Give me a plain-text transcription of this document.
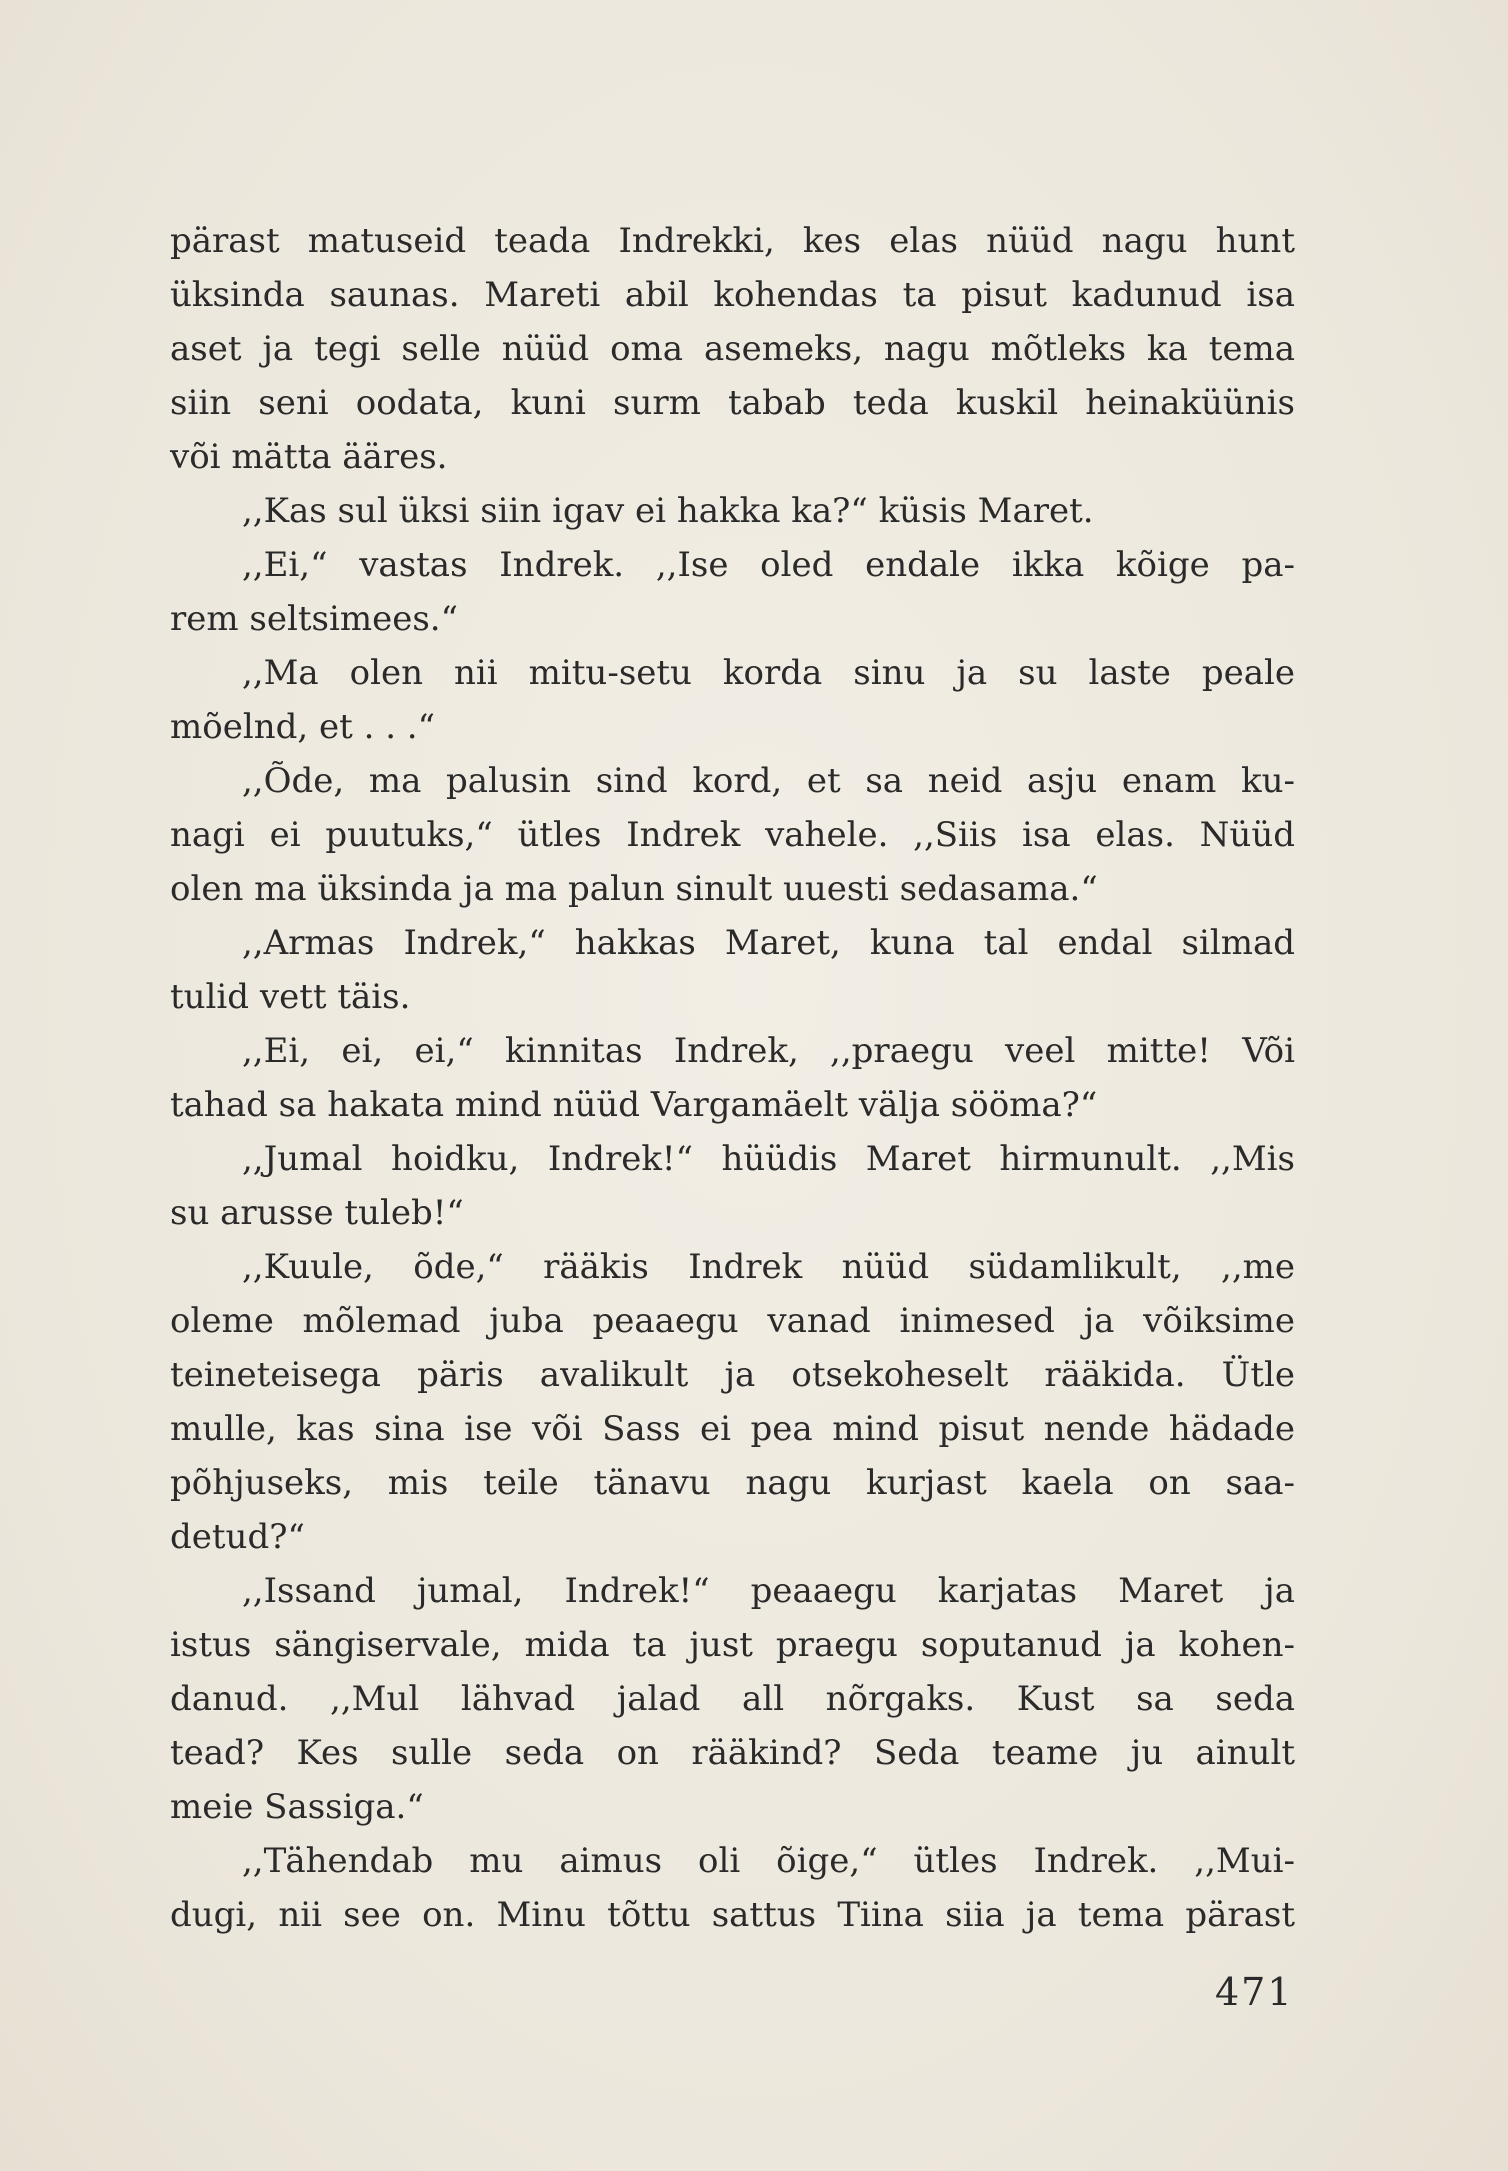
pärast matuseid teada Indrekki, kes elas nüüd nagu hunt
üksinda saunas. Mareti abil kohendas ta pisut kadunud isa
aset ja tegi selle nüüd oma asemeks, nagu mõtleks ka tema
siin seni oodata, kuni surm tabab teda kuskil heinaküünis
või mätta ääres.
,,Kas sul üksi siin igav ei hakka ka?“ küsis Maret.
,,Ei,“ vastas Indrek. ,,Ise oled endale ikka kõige pa-
rem seltsimees.“
,,Ma olen nii mitu-setu korda sinu ja su laste peale
mõelnd, et . . .“
,,Õde, ma palusin sind kord, et sa neid asju enam ku-
nagi ei puutuks,“ ütles Indrek vahele. ,,Siis isa elas. Nüüd
olen ma üksinda ja ma palun sinult uuesti sedasama.“
,,Armas Indrek,“ hakkas Maret, kuna tal endal silmad
tulid vett täis.
,,Ei, ei, ei,“ kinnitas Indrek, ,,praegu veel mitte! Või
tahad sa hakata mind nüüd Vargamäelt välja sööma?“
,,Jumal hoidku, Indrek!“ hüüdis Maret hirmunult. ,,Mis
su arusse tuleb!“
,,Kuule, õde,“ rääkis Indrek nüüd südamlikult, ,,me
oleme mõlemad juba peaaegu vanad inimesed ja võiksime
teineteisega päris avalikult ja otsekoheselt rääkida. Ütle
mulle, kas sina ise või Sass ei pea mind pisut nende hädade
põhjuseks, mis teile tänavu nagu kurjast kaela on saa-
detud?“
,,Issand jumal, Indrek!“ peaaegu karjatas Maret ja
istus sängiservale, mida ta just praegu soputanud ja kohen-
danud. ,,Mul lähvad jalad all nõrgaks. Kust sa seda
tead? Kes sulle seda on rääkind? Seda teame ju ainult
meie Sassiga.“
,,Tähendab mu aimus oli õige,“ ütles Indrek. ,,Mui-
dugi, nii see on. Minu tõttu sattus Tiina siia ja tema pärast
471
